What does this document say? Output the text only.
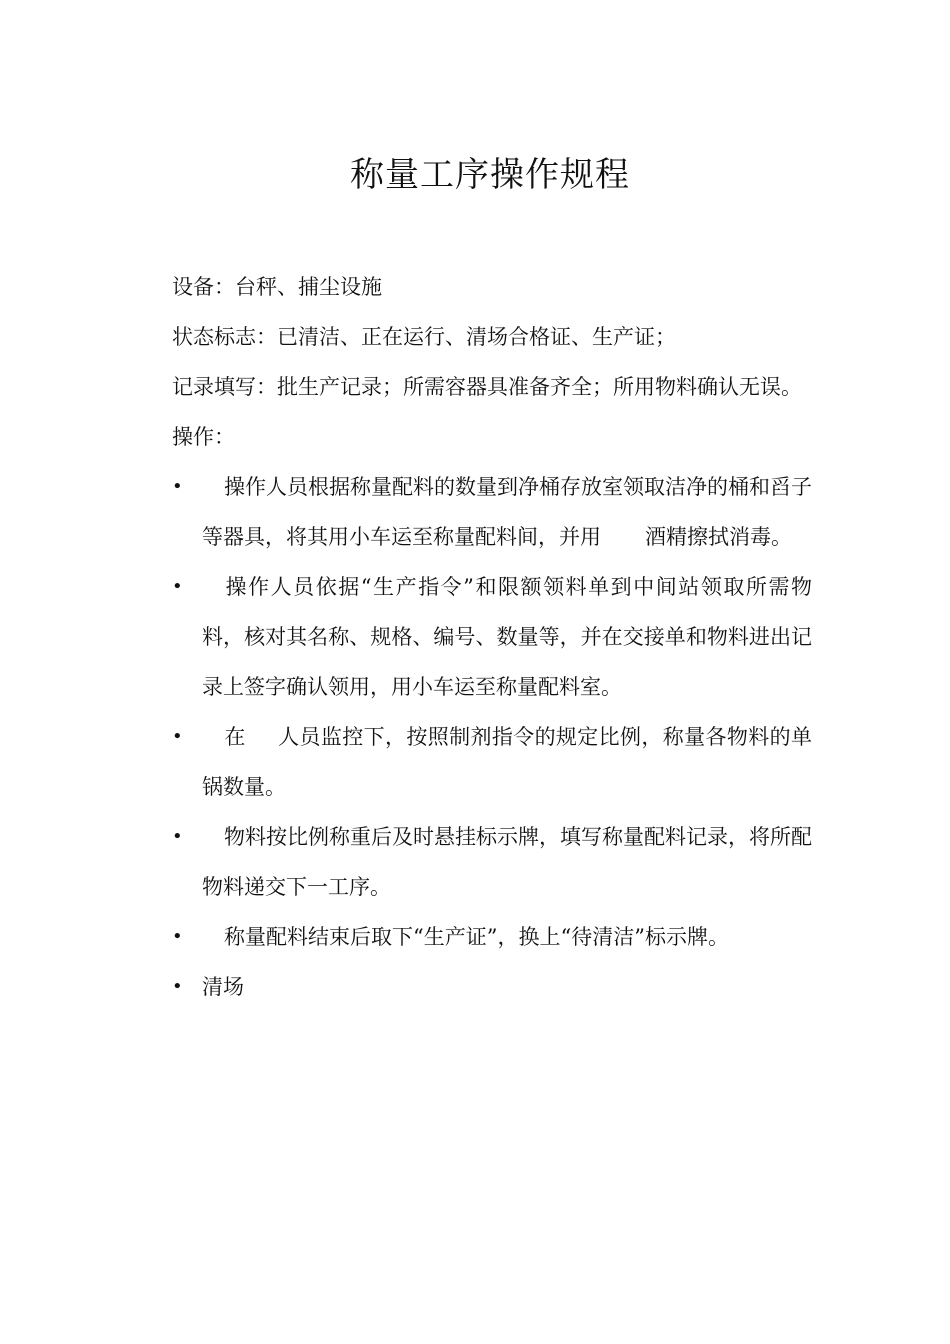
称量工序操作规程

设备：台秤、捕尘设施

状态标志：已清洁、正在运行、清场合格证、生产证；

记录填写：批生产记录；所需容器具准备齐全；所用物料确认无误。

操作：

•	操作人员根据称量配料的数量到净桶存放室领取洁净的桶和舀子等器具，将其用小车运至称量配料间，并用 酒精擦拭消毒。
•	操作人员依据“生产指令”和限额领料单到中间站领取所需物料，核对其名称、规格、编号、数量等，并在交接单和物料进出记录上签字确认领用，用小车运至称量配料室。
•	在 人员监控下，按照制剂指令的规定比例，称量各物料的单锅数量。
•	物料按比例称重后及时悬挂标示牌，填写称量配料记录，将所配物料递交下一工序。
•	称量配料结束后取下“生产证”，换上“待清洁”标示牌。
• 清场
